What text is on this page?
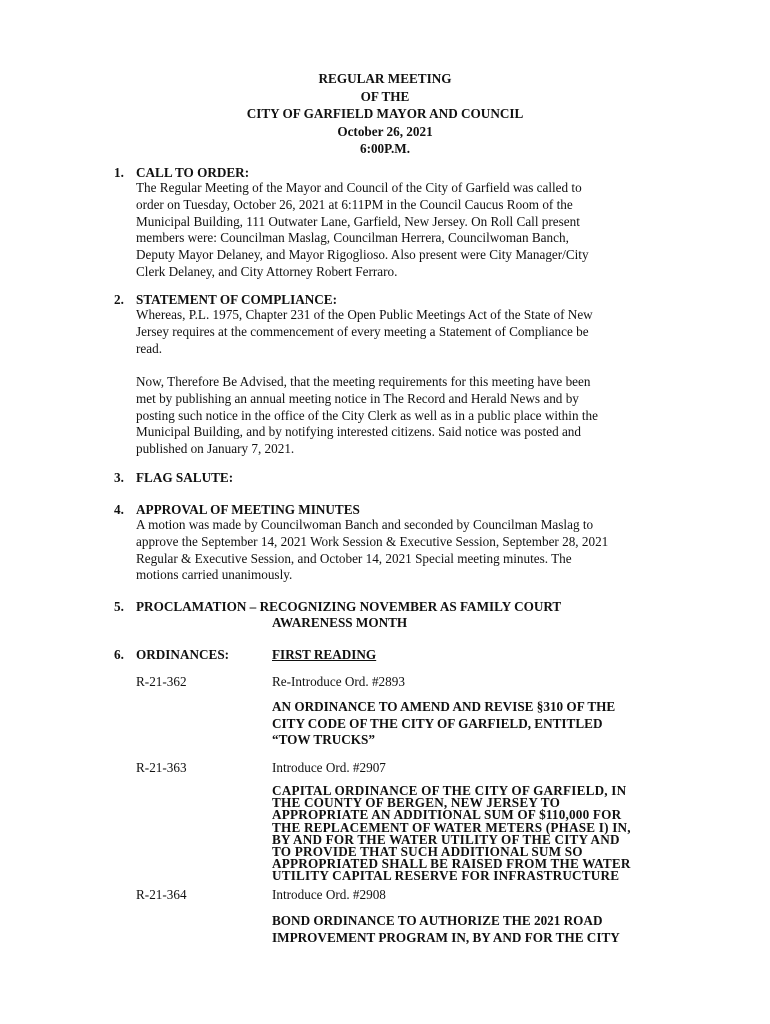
REGULAR MEETING
OF THE
CITY OF GARFIELD MAYOR AND COUNCIL
October 26, 2021
6:00P.M.
1. CALL TO ORDER:
The Regular Meeting of the Mayor and Council of the City of Garfield was called to
order on Tuesday, October 26, 2021 at 6:11PM in the Council Caucus Room of the
Municipal Building, 111 Outwater Lane, Garfield, New Jersey. On Roll Call present
members were: Councilman Maslag, Councilman Herrera, Councilwoman Banch,
Deputy Mayor Delaney, and Mayor Rigoglioso. Also present were City Manager/City
Clerk Delaney, and City Attorney Robert Ferraro.
2. STATEMENT OF COMPLIANCE:
Whereas, P.L. 1975, Chapter 231 of the Open Public Meetings Act of the State of New
Jersey requires at the commencement of every meeting a Statement of Compliance be
read.
Now, Therefore Be Advised, that the meeting requirements for this meeting have been
met by publishing an annual meeting notice in The Record and Herald News and by
posting such notice in the office of the City Clerk as well as in a public place within the
Municipal Building, and by notifying interested citizens. Said notice was posted and
published on January 7, 2021.
3. FLAG SALUTE:
4. APPROVAL OF MEETING MINUTES
A motion was made by Councilwoman Banch and seconded by Councilman Maslag to
approve the September 14, 2021 Work Session & Executive Session, September 28, 2021
Regular & Executive Session, and October 14, 2021 Special meeting minutes. The
motions carried unanimously.
5. PROCLAMATION – RECOGNIZING NOVEMBER AS FAMILY COURT
AWARENESS MONTH
6. ORDINANCES:	FIRST READING
R-21-362	Re-Introduce Ord. #2893
AN ORDINANCE TO AMEND AND REVISE §310 OF THE
CITY CODE OF THE CITY OF GARFIELD, ENTITLED
“TOW TRUCKS”
R-21-363	Introduce Ord. #2907
CAPITAL ORDINANCE OF THE CITY OF GARFIELD, IN
THE COUNTY OF BERGEN, NEW JERSEY TO
APPROPRIATE AN ADDITIONAL SUM OF $110,000 FOR
THE REPLACEMENT OF WATER METERS (PHASE I) IN,
BY AND FOR THE WATER UTILITY OF THE CITY AND
TO PROVIDE THAT SUCH ADDITIONAL SUM SO
APPROPRIATED SHALL BE RAISED FROM THE WATER
UTILITY CAPITAL RESERVE FOR INFRASTRUCTURE
R-21-364	Introduce Ord. #2908
BOND ORDINANCE TO AUTHORIZE THE 2021 ROAD
IMPROVEMENT PROGRAM IN, BY AND FOR THE CITY
